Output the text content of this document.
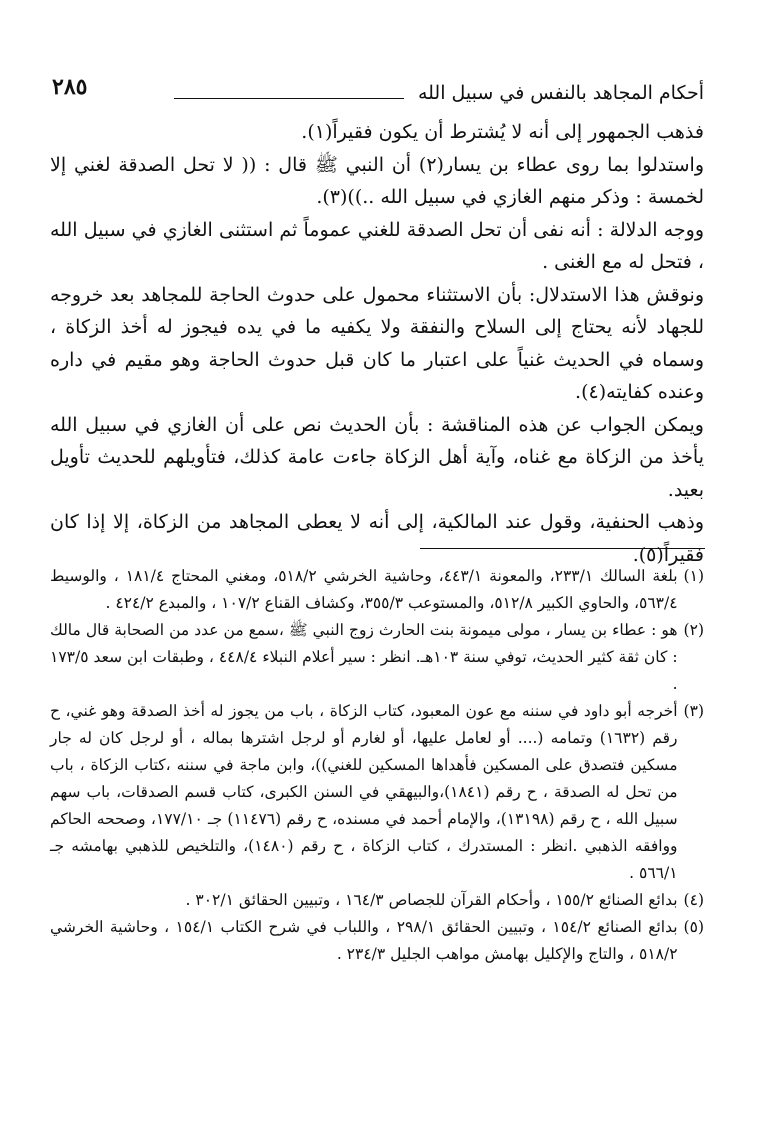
أحكام المجاهد بالنفس في سبيل الله
٢٨٥

فذهب الجمهور إلى أنه لا يُشترط أن يكون فقيراً(١).

واستدلوا بما روى عطاء بن يسار(٢) أن النبي ﷺ قال : (( لا تحل الصدقة لغني إلا لخمسة : وذكر منهم الغازي في سبيل الله ..))(٣).

ووجه الدلالة : أنه نفى أن تحل الصدقة للغني عموماً ثم استثنى الغازي في سبيل الله ، فتحل له مع الغنى .

ونوقش هذا الاستدلال: بأن الاستثناء محمول على حدوث الحاجة للمجاهد بعد خروجه للجهاد لأنه يحتاج إلى السلاح والنفقة ولا يكفيه ما في يده فيجوز له أخذ الزكاة ، وسماه في الحديث غنياً على اعتبار ما كان قبل حدوث الحاجة وهو مقيم في داره وعنده كفايته(٤).

ويمكن الجواب عن هذه المناقشة : بأن الحديث نص على أن الغازي في سبيل الله يأخذ من الزكاة مع غناه، وآية أهل الزكاة جاءت عامة كذلك، فتأويلهم للحديث تأويل بعيد.

وذهب الحنفية، وقول عند المالكية، إلى أنه لا يعطى المجاهد من الزكاة، إلا إذا كان فقيراً(٥).

(١)
بلغة السالك ٢٣٣/١، والمعونة ٤٤٣/١، وحاشية الخرشي ٥١٨/٢، ومغني المحتاج ١٨١/٤ ، والوسيط ٥٦٣/٤، والحاوي الكبير ٥١٢/٨، والمستوعب ٣٥٥/٣، وكشاف القناع ١٠٧/٢ ، والمبدع ٤٢٤/٢ .
(٢)
هو : عطاء بن يسار ، مولى ميمونة بنت الحارث زوج النبي ﷺ ،سمع من عدد من الصحابة قال مالك : كان ثقة كثير الحديث، توفي سنة ١٠٣هـ. انظر : سير أعلام النبلاء ٤٤٨/٤ ، وطبقات ابن سعد ١٧٣/٥ .
(٣)
أخرجه أبو داود في سننه مع عون المعبود، كتاب الزكاة ، باب من يجوز له أخذ الصدقة وهو غني، ح رقم (١٦٣٢) وتمامه (.... أو لعامل عليها، أو لغارم أو لرجل اشترها بماله ، أو لرجل كان له جار مسكين فتصدق على المسكين فأهداها المسكين للغني))، وابن ماجة في سننه ،كتاب الزكاة ، باب من تحل له الصدقة ، ح رقم (١٨٤١)،والبيهقي في السنن الكبرى، كتاب قسم الصدقات، باب سهم سبيل الله ، ح رقم (١٣١٩٨)، والإمام أحمد في مسنده، ح رقم (١١٤٧٦) جـ ١٧٧/١٠، وصححه الحاكم ووافقه الذهبي .انظر : المستدرك ، كتاب الزكاة ، ح رقم (١٤٨٠)، والتلخيص للذهبي بهامشه جـ ٥٦٦/١ .
(٤)
بدائع الصنائع ١٥٥/٢ ، وأحكام القرآن للجصاص ١٦٤/٣ ، وتبيين الحقائق ٣٠٢/١ .
(٥)
بدائع الصنائع ١٥٤/٢ ، وتبيين الحقائق ٢٩٨/١ ، واللباب في شرح الكتاب ١٥٤/١ ، وحاشية الخرشي ٥١٨/٢ ، والتاج والإكليل بهامش مواهب الجليل ٢٣٤/٣ .
